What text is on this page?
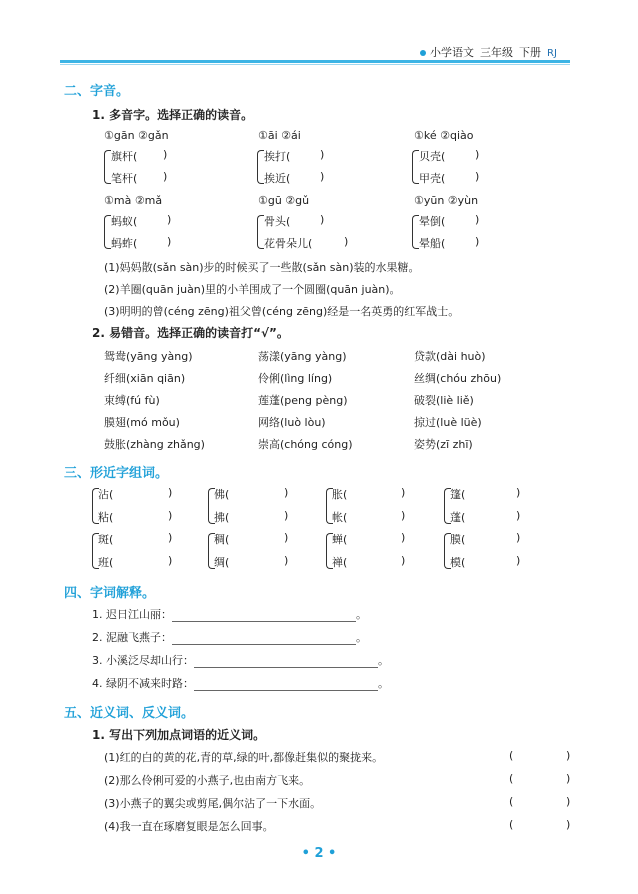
小学语文 三年级 下册 RJ
二、字音。
1. 多音字。选择正确的读音。
①gān ②gǎn
旗杆( )
笔杆( )
①āi ②ái
挨打(	)
挨近(	)
①ké ②qiào
贝壳(	)
甲壳(	)
①mà ②mǎ
蚂蚁(	)
蚂蚱(	)
①gū ②gǔ
骨头(	)
花骨朵儿(	)
①yūn ②yùn
晕倒(	)
晕船(	)
(1)妈妈散(sǎn sàn)步的时候买了一些散(sǎn sàn)装的水果糖。
(2)羊圈(quān juàn)里的小羊围成了一个圆圈(quān juàn)。
(3)明明的曾(céng zēng)祖父曾(céng zēng)经是一名英勇的红军战士。
2. 易错音。选择正确的读音打“√”。
鸳鸯(yāng yàng)	荡漾(yāng yàng)	贷款(dài huò)
纤细(xiān qiān)	伶俐(lìng líng)	丝绸(chóu zhōu)
束缚(fú fù)	莲蓬(peng pèng)	破裂(liè liě)
膜翅(mó mǒu)	网络(luò lòu)	掠过(luè lüè)
鼓胀(zhàng zhǎng)	崇高(chóng cóng)	姿势(zī zhī)
三、形近字组词。
沾(	)
粘(	)
佛(	)
拂(	)
胀(	)
帐(	)
篷(	)
蓬(	)
斑(	)
班(	)
稠(	)
绸(	)
蝉(	)
禅(	)
膜(	)
模(	)
四、字词解释。
1. 迟日江山丽：	。
2. 泥融飞燕子：	。
3. 小溪泛尽却山行：	。
4. 绿阴不减来时路：	。
五、近义词、反义词。
1. 写出下列加点词语的近义词。
(1)红的白的黄的花,青的草,绿的叶,都像赶集似的聚拢来。	(	)
(2)那么伶俐可爱的小燕子,也由南方飞来。	(	)
(3)小燕子的翼尖或剪尾,偶尔沾了一下水面。	(	)
(4)我一直在琢磨复眼是怎么回事。	(	)
• 2 •
